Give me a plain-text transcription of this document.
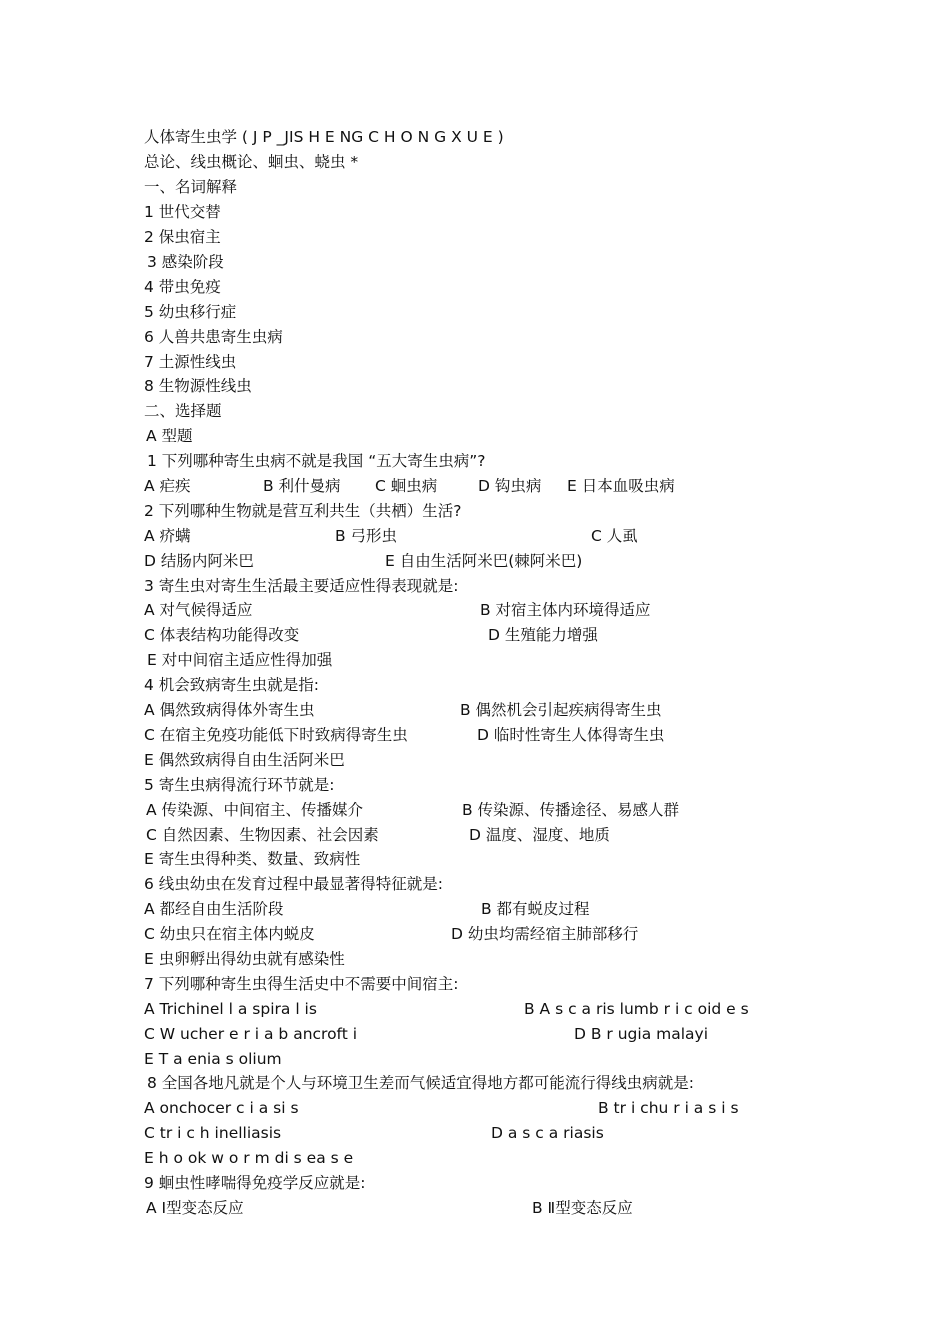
人体寄生虫学 ( J P _JIS H E NG C H O N G X U E )
总论、线虫概论、蛔虫、蛲虫 *
一、名词解释
1 世代交替
2 保虫宿主
3 感染阶段
4 带虫免疫
5 幼虫移行症
6 人兽共患寄生虫病
7 土源性线虫
8 生物源性线虫
二、选择题
A 型题
1 下列哪种寄生虫病不就是我国 “五大寄生虫病”?
A 疟疾	B 利什曼病 C 蛔虫病	D 钩虫病 E 日本血吸虫病
2 下列哪种生物就是营互利共生（共栖）生活?
A 疥螨	B 弓形虫	C 人虱
D 结肠内阿米巴	E 自由生活阿米巴(棘阿米巴)
3 寄生虫对寄生生活最主要适应性得表现就是:
A 对气候得适应	B 对宿主体内环境得适应
C 体表结构功能得改变	D 生殖能力增强
E 对中间宿主适应性得加强
4 机会致病寄生虫就是指:
A 偶然致病得体外寄生虫	B 偶然机会引起疾病得寄生虫
C 在宿主免疫功能低下时致病得寄生虫	D 临时性寄生人体得寄生虫
E 偶然致病得自由生活阿米巴
5 寄生虫病得流行环节就是:
A 传染源、中间宿主、传播媒介	B 传染源、传播途径、易感人群
C 自然因素、生物因素、社会因素	D 温度、湿度、地质
E 寄生虫得种类、数量、致病性
6 线虫幼虫在发育过程中最显著得特征就是:
A 都经自由生活阶段	B 都有蜕皮过程
C 幼虫只在宿主体内蜕皮	D 幼虫均需经宿主肺部移行
E 虫卵孵出得幼虫就有感染性
7 下列哪种寄生虫得生活史中不需要中间宿主:
A Trichinel l a spira l is	B A s c a ris lumb r i c oid e s
C W ucher e r i a b ancroft i	D B r ugia malayi
E T a enia s olium
8 全国各地凡就是个人与环境卫生差而气候适宜得地方都可能流行得线虫病就是:
A onchocer c i a si s	B tr i chu r i a s i s
C tr i c h inelliasis	D a s c a riasis
E h o ok w o r m di s ea s e
9 蛔虫性哮喘得免疫学反应就是:
A Ⅰ型变态反应	B Ⅱ型变态反应
